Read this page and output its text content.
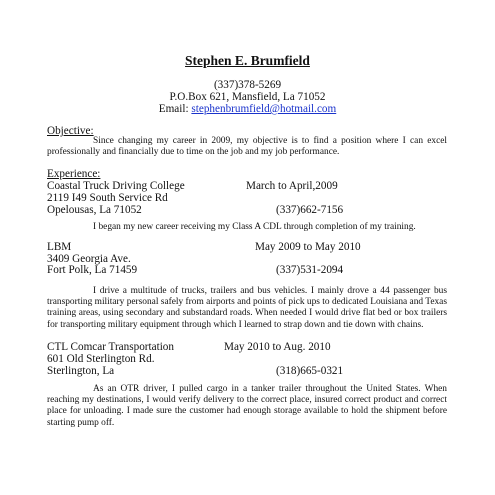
Stephen E. Brumfield
(337)378-5269
P.O.Box 621, Mansfield, La 71052
Email: stephenbrumfield@hotmail.com
Objective:
Since changing my career in 2009, my objective is to find a position where I can excel professionally and financially due to time on the job and my job performance.
Experience:
Coastal Truck Driving College	March to April,2009
2119 I49 South Service Rd
Opelousas, La 71052	(337)662-7156
I began my new career receiving my Class A CDL through completion of my training.
LBM	May 2009 to May 2010
3409 Georgia Ave.
Fort Polk, La 71459	(337)531-2094
I drive a multitude of trucks, trailers and bus vehicles. I mainly drove a 44 passenger bus transporting military personal safely from airports and points of pick ups to dedicated Louisiana and Texas training areas, using secondary and substandard roads. When needed I would drive flat bed or box trailers for transporting military equipment through which I learned to strap down and tie down with chains.
CTL Comcar Transportation	May 2010 to Aug. 2010
601 Old Sterlington Rd.
Sterlington, La	(318)665-0321
As an OTR driver, I pulled cargo in a tanker trailer throughout the United States. When reaching my destinations, I would verify delivery to the correct place, insured correct product and correct place for unloading. I made sure the customer had enough storage available to hold the shipment before starting pump off.
